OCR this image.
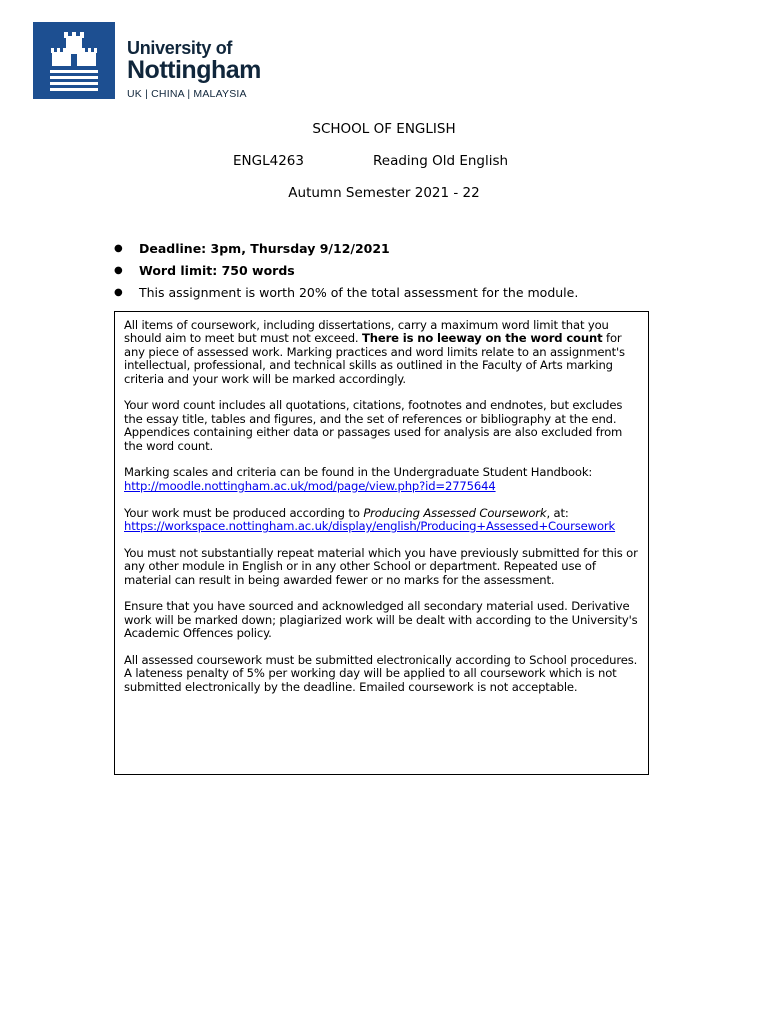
University of
Nottingham
UK | CHINA | MALAYSIA
SCHOOL OF ENGLISH
ENGL4263	Reading Old English
Autumn Semester 2021 - 22
● Deadline: 3pm, Thursday 9/12/2021
● Word limit: 750 words
● This assignment is worth 20% of the total assessment for the module.

All items of coursework, including dissertations, carry a maximum word limit that you should aim to meet but must not exceed. There is no leeway on the word count for any piece of assessed work. Marking practices and word limits relate to an assignment's intellectual, professional, and technical skills as outlined in the Faculty of Arts marking criteria and your work will be marked accordingly.

Your word count includes all quotations, citations, footnotes and endnotes, but excludes the essay title, tables and figures, and the set of references or bibliography at the end. Appendices containing either data or passages used for analysis are also excluded from the word count.

Marking scales and criteria can be found in the Undergraduate Student Handbook:
http://moodle.nottingham.ac.uk/mod/page/view.php?id=2775644

Your work must be produced according to Producing Assessed Coursework, at:
https://workspace.nottingham.ac.uk/display/english/Producing+Assessed+Coursework

You must not substantially repeat material which you have previously submitted for this or any other module in English or in any other School or department. Repeated use of material can result in being awarded fewer or no marks for the assessment.

Ensure that you have sourced and acknowledged all secondary material used. Derivative work will be marked down; plagiarized work will be dealt with according to the University's Academic Offences policy.

All assessed coursework must be submitted electronically according to School procedures. A lateness penalty of 5% per working day will be applied to all coursework which is not submitted electronically by the deadline. Emailed coursework is not acceptable.
